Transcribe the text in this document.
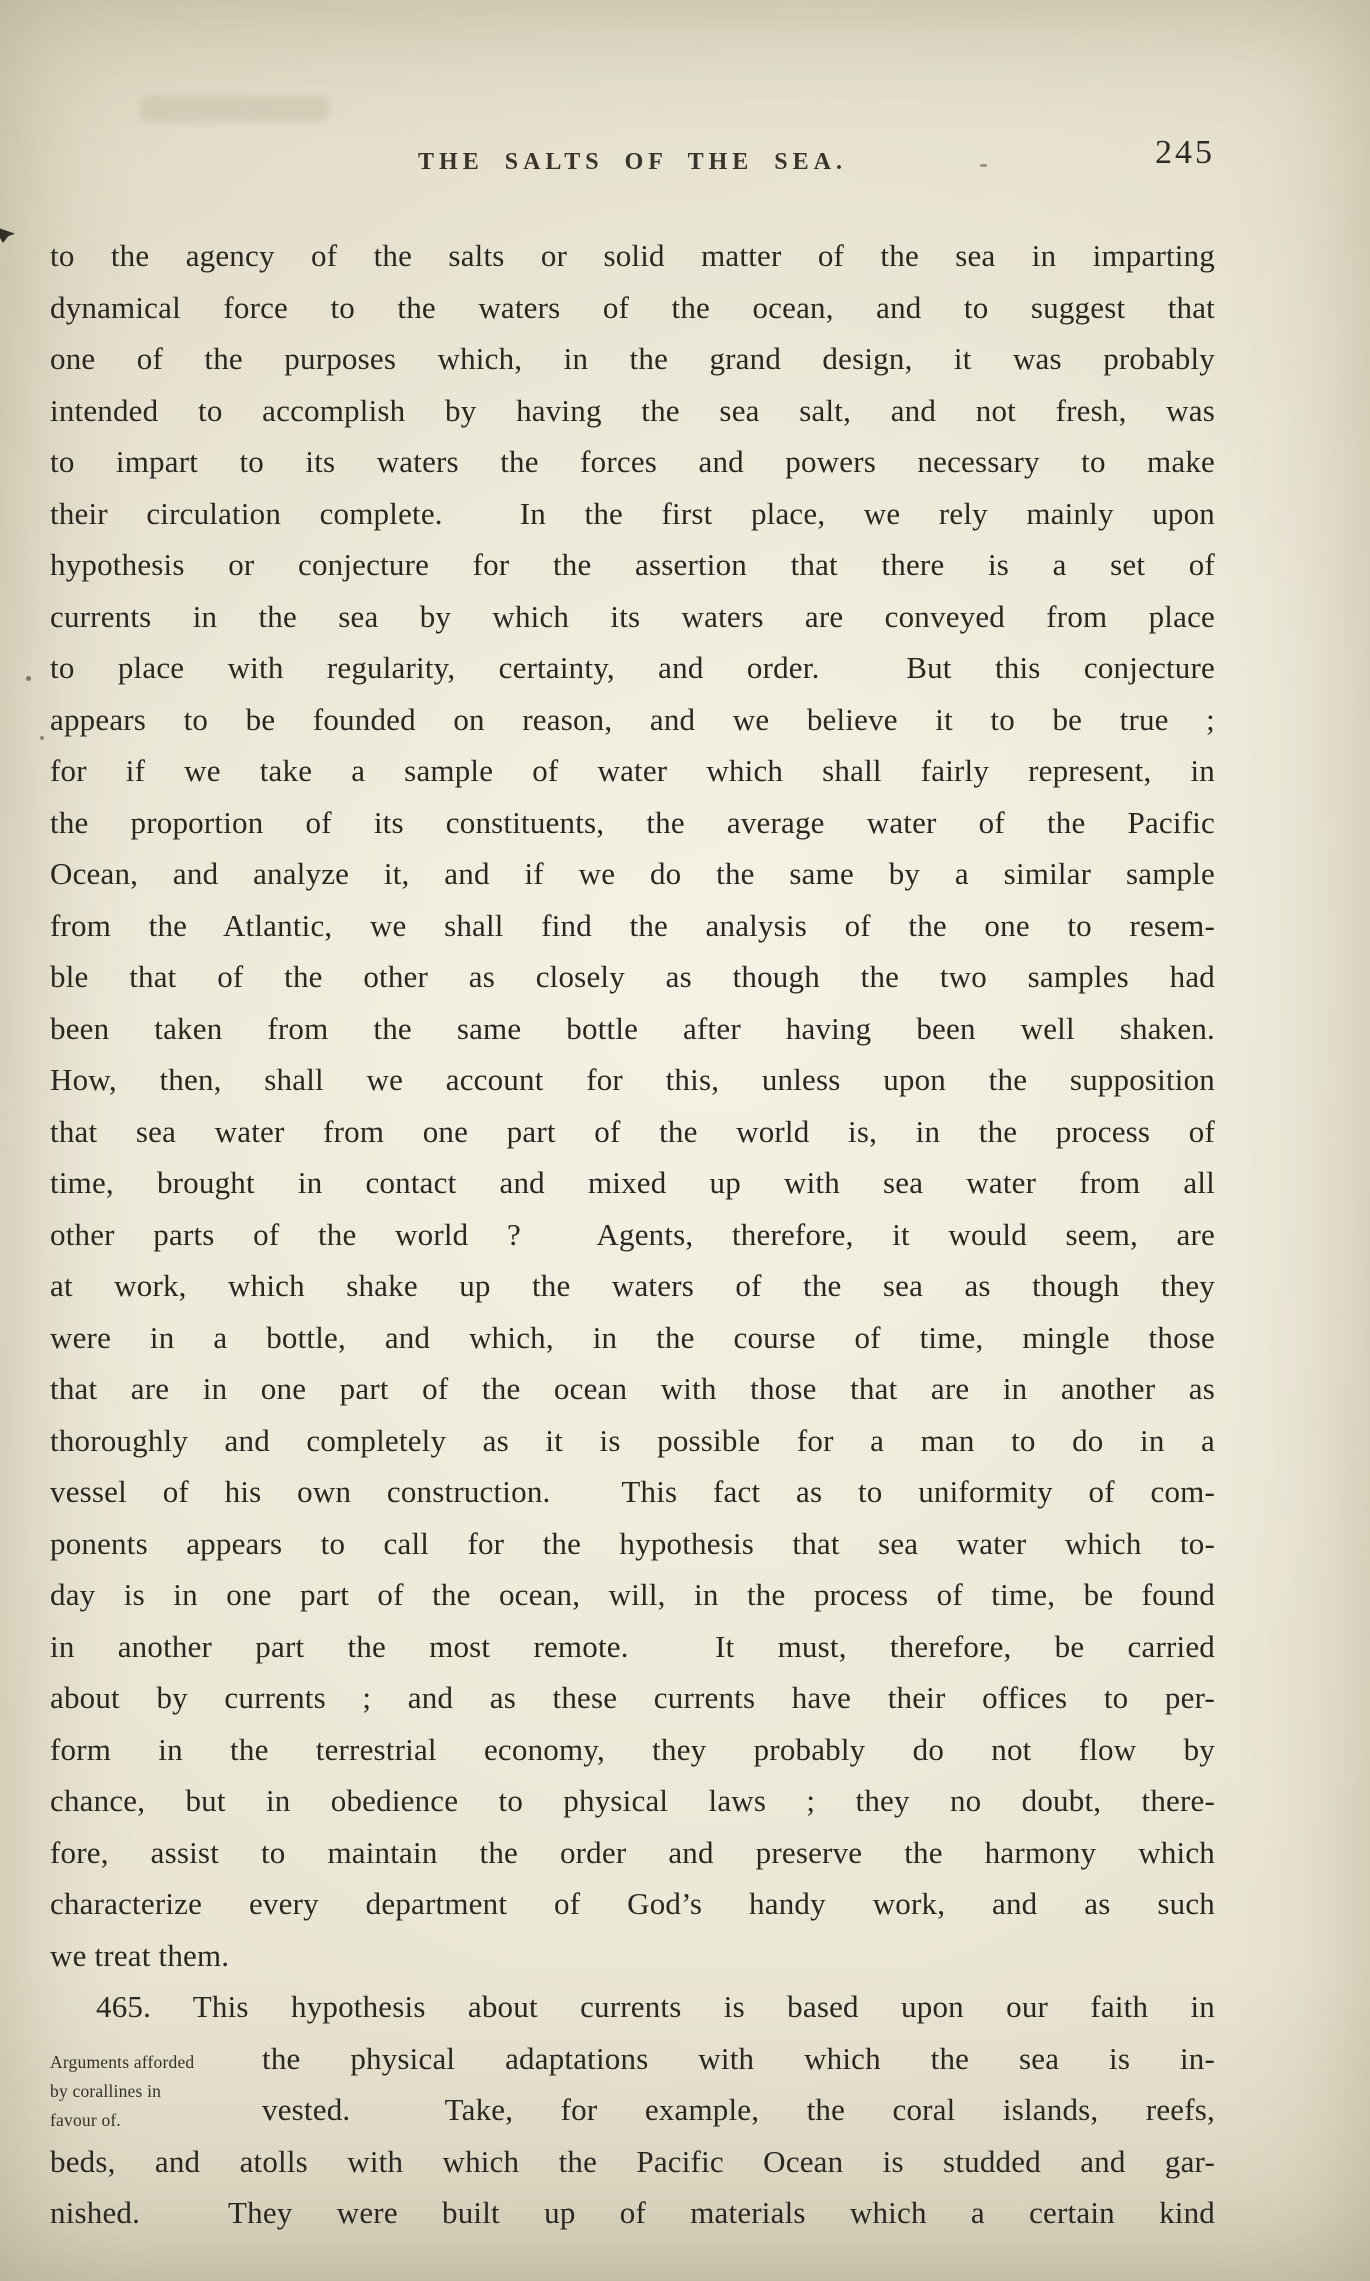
THE SALTS OF THE SEA.	245
to the agency of the salts or solid matter of the sea in imparting
dynamical force to the waters of the ocean, and to suggest that
one of the purposes which, in the grand design, it was probably
intended to accomplish by having the sea salt, and not fresh, was
to impart to its waters the forces and powers necessary to make
their circulation complete.  In the first place, we rely mainly upon
hypothesis or conjecture for the assertion that there is a set of
currents in the sea by which its waters are conveyed from place
to place with regularity, certainty, and order.  But this conjecture
appears to be founded on reason, and we believe it to be true ;
for if we take a sample of water which shall fairly represent, in
the proportion of its constituents, the average water of the Pacific
Ocean, and analyze it, and if we do the same by a similar sample
from the Atlantic, we shall find the analysis of the one to resem-
ble that of the other as closely as though the two samples had
been taken from the same bottle after having been well shaken.
How, then, shall we account for this, unless upon the supposition
that sea water from one part of the world is, in the process of
time, brought in contact and mixed up with sea water from all
other parts of the world ?  Agents, therefore, it would seem, are
at work, which shake up the waters of the sea as though they
were in a bottle, and which, in the course of time, mingle those
that are in one part of the ocean with those that are in another as
thoroughly and completely as it is possible for a man to do in a
vessel of his own construction.  This fact as to uniformity of com-
ponents appears to call for the hypothesis that sea water which to-
day is in one part of the ocean, will, in the process of time, be found
in another part the most remote.  It must, therefore, be carried
about by currents ; and as these currents have their offices to per-
form in the terrestrial economy, they probably do not flow by
chance, but in obedience to physical laws ; they no doubt, there-
fore, assist to maintain the order and preserve the harmony which
characterize every department of God’s handy work, and as such
we treat them.
465. This hypothesis about currents is based upon our faith in
Arguments afforded
by corallines in
favour of.
the physical adaptations with which the sea is in-
vested.  Take, for example, the coral islands, reefs,
beds, and atolls with which the Pacific Ocean is studded and gar-
nished.  They were built up of materials which a certain kind
